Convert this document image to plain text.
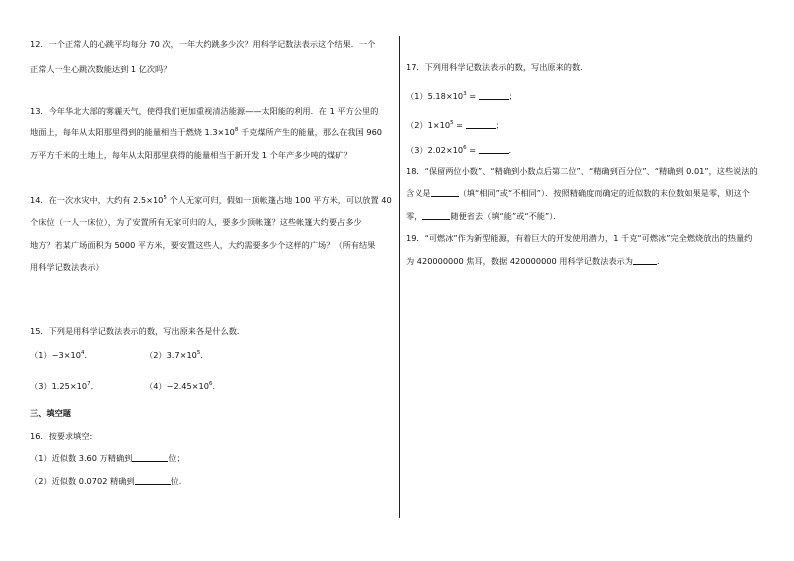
12．一个正常人的心跳平均每分 70 次，一年大约跳多少次？用科学记数法表示这个结果．一个
正常人一生心跳次数能达到 1 亿次吗？
13．今年华北大部的雾霾天气，使得我们更加重视清洁能源——太阳能的利用．在 1 平方公里的
地面上，每年从太阳那里得到的能量相当于燃烧 $1.3\times 10^8$ 千克煤所产生的能量，那么在我国 960
万平方千米的土地上，每年从太阳那里获得的能量相当于新开发 1 个年产多少吨的煤矿？
14．在一次水灾中，大约有 $2.5\times 10^5$ 个人无家可归，假如一顶帐篷占地 100 平方米，可以放置 40
个床位（一人一床位），为了安置所有无家可归的人，要多少顶帐篷？这些帐篷大约要占多少
地方？若某广场面积为 5000 平方米，要安置这些人，大约需要多少个这样的广场？（所有结果
用科学记数法表示）
15．下列是用科学记数法表示的数，写出原来各是什么数．
$(1)-3\times 10^4$．	$(2)3.7\times 10^5$．
$(3)1.25\times 10^7$．	$(4)-2.45\times 10^6$．
三、填空题
16．按要求填空:
（1）近似数 3.60 万精确到	位；
（2）近似数 0.0702 精确到	位．
17．下列用科学记数法表示的数，写出原来的数．
$(1)5.18\times 10^3$ =	；
$(2)1\times 10^5$ =	；
$(3)2.02\times 10^6$ =	．
18．“保留两位小数”、“精确到小数点后第二位”、“精确到百分位”、“精确到 0.01”，这些说法的
含义是	（填“相同”或“不相同”）．按照精确度而确定的近似数的末位数如果是零，则这个
零，	随便省去（填“能”或“不能”）．
19．“可燃冰”作为新型能源，有着巨大的开发使用潜力，1 千克“可燃冰”完全燃烧放出的热量约
为 420000000 焦耳，数据 420000000 用科学记数法表示为	．
